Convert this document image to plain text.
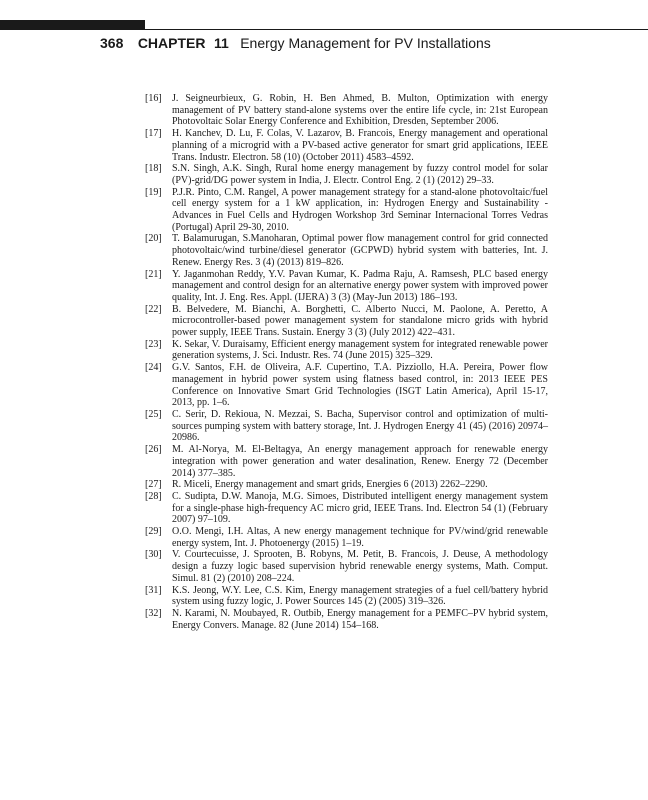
368 CHAPTER 11 Energy Management for PV Installations
[16] J. Seigneurbieux, G. Robin, H. Ben Ahmed, B. Multon, Optimization with energy management of PV battery stand-alone systems over the entire life cycle, in: 21st European Photovoltaic Solar Energy Conference and Exhibition, Dresden, September 2006.
[17] H. Kanchev, D. Lu, F. Colas, V. Lazarov, B. Francois, Energy management and operational planning of a microgrid with a PV-based active generator for smart grid applications, IEEE Trans. Industr. Electron. 58 (10) (October 2011) 4583–4592.
[18] S.N. Singh, A.K. Singh, Rural home energy management by fuzzy control model for solar (PV)-grid/DG power system in India, J. Electr. Control Eng. 2 (1) (2012) 29–33.
[19] P.J.R. Pinto, C.M. Rangel, A power management strategy for a stand-alone photovoltaic/fuel cell energy system for a 1 kW application, in: Hydrogen Energy and Sustainability - Advances in Fuel Cells and Hydrogen Workshop 3rd Seminar Internacional Torres Vedras (Portugal) April 29-30, 2010.
[20] T. Balamurugan, S.Manoharan, Optimal power flow management control for grid connected photovoltaic/wind turbine/diesel generator (GCPWD) hybrid system with batteries, Int. J. Renew. Energy Res. 3 (4) (2013) 819–826.
[21] Y. Jaganmohan Reddy, Y.V. Pavan Kumar, K. Padma Raju, A. Ramsesh, PLC based energy management and control design for an alternative energy power system with improved power quality, Int. J. Eng. Res. Appl. (IJERA) 3 (3) (May-Jun 2013) 186–193.
[22] B. Belvedere, M. Bianchi, A. Borghetti, C. Alberto Nucci, M. Paolone, A. Peretto, A microcontroller-based power management system for standalone micro grids with hybrid power supply, IEEE Trans. Sustain. Energy 3 (3) (July 2012) 422–431.
[23] K. Sekar, V. Duraisamy, Efficient energy management system for integrated renewable power generation systems, J. Sci. Industr. Res. 74 (June 2015) 325–329.
[24] G.V. Santos, F.H. de Oliveira, A.F. Cupertino, T.A. Pizziollo, H.A. Pereira, Power flow management in hybrid power system using flatness based control, in: 2013 IEEE PES Conference on Innovative Smart Grid Technologies (ISGT Latin America), April 15-17, 2013, pp. 1–6.
[25] C. Serir, D. Rekioua, N. Mezzai, S. Bacha, Supervisor control and optimization of multi-sources pumping system with battery storage, Int. J. Hydrogen Energy 41 (45) (2016) 20974–20986.
[26] M. Al-Norya, M. El-Beltagya, An energy management approach for renewable energy integration with power generation and water desalination, Renew. Energy 72 (December 2014) 377–385.
[27] R. Miceli, Energy management and smart grids, Energies 6 (2013) 2262–2290.
[28] C. Sudipta, D.W. Manoja, M.G. Simoes, Distributed intelligent energy management system for a single-phase high-frequency AC micro grid, IEEE Trans. Ind. Electron 54 (1) (February 2007) 97–109.
[29] O.O. Mengi, I.H. Altas, A new energy management technique for PV/wind/grid renewable energy system, Int. J. Photoenergy (2015) 1–19.
[30] V. Courtecuisse, J. Sprooten, B. Robyns, M. Petit, B. Francois, J. Deuse, A methodology design a fuzzy logic based supervision hybrid renewable energy systems, Math. Comput. Simul. 81 (2) (2010) 208–224.
[31] K.S. Jeong, W.Y. Lee, C.S. Kim, Energy management strategies of a fuel cell/battery hybrid system using fuzzy logic, J. Power Sources 145 (2) (2005) 319–326.
[32] N. Karami, N. Moubayed, R. Outbib, Energy management for a PEMFC–PV hybrid system, Energy Convers. Manage. 82 (June 2014) 154–168.
